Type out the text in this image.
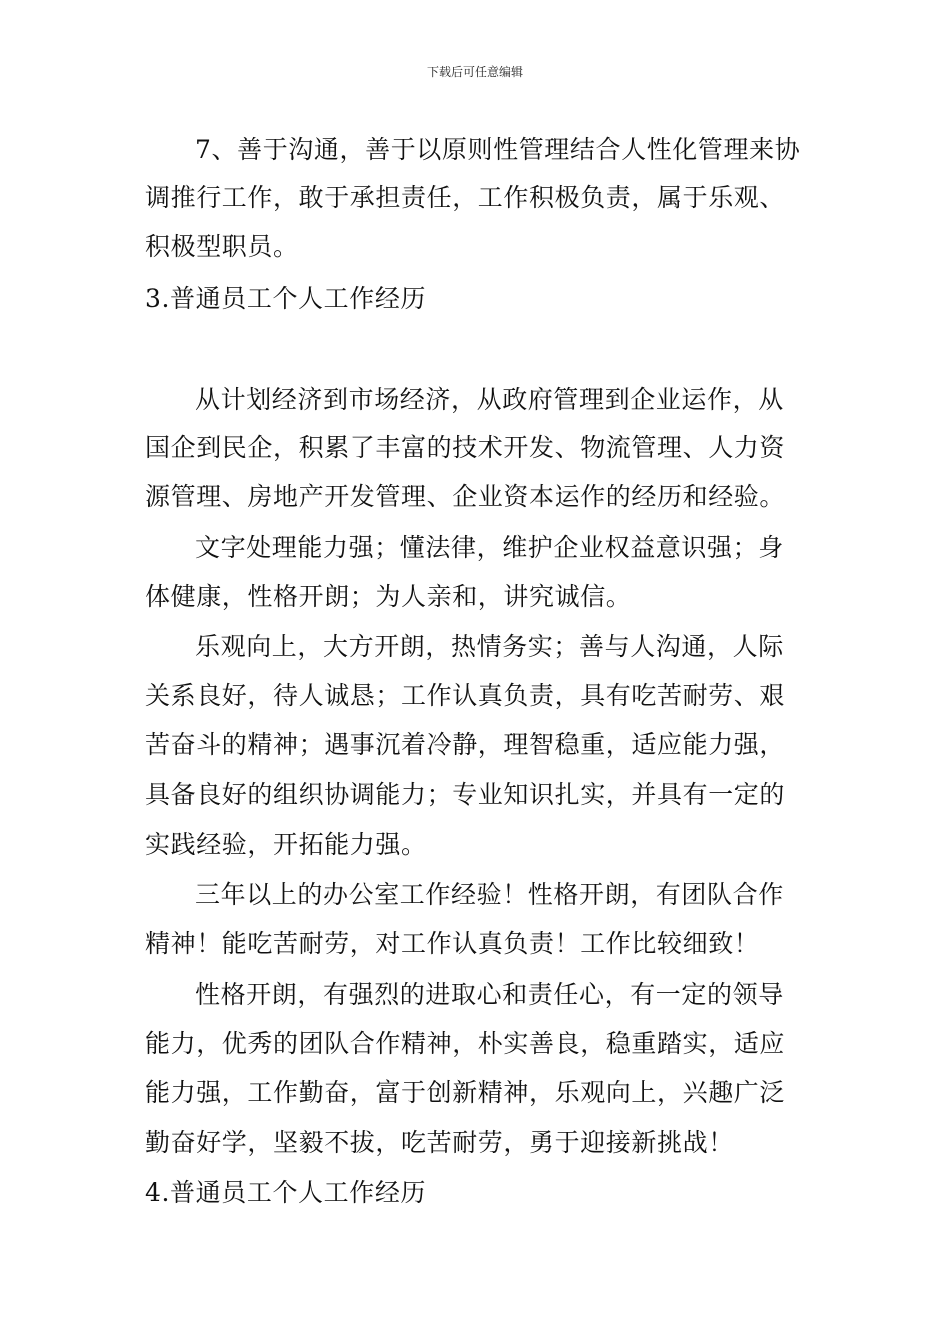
下载后可任意编辑
7、善于沟通，善于以原则性管理结合人性化管理来协
调推行工作，敢于承担责任，工作积极负责，属于乐观、
积极型职员。
3.普通员工个人工作经历
从计划经济到市场经济，从政府管理到企业运作，从
国企到民企，积累了丰富的技术开发、物流管理、人力资
源管理、房地产开发管理、企业资本运作的经历和经验。
文字处理能力强；懂法律，维护企业权益意识强；身
体健康，性格开朗；为人亲和，讲究诚信。
乐观向上，大方开朗，热情务实；善与人沟通，人际
关系良好，待人诚恳；工作认真负责，具有吃苦耐劳、艰
苦奋斗的精神；遇事沉着冷静，理智稳重，适应能力强，
具备良好的组织协调能力；专业知识扎实，并具有一定的
实践经验，开拓能力强。
三年以上的办公室工作经验！性格开朗，有团队合作
精神！能吃苦耐劳，对工作认真负责！工作比较细致！
性格开朗，有强烈的进取心和责任心，有一定的领导
能力，优秀的团队合作精神，朴实善良，稳重踏实，适应
能力强，工作勤奋，富于创新精神，乐观向上，兴趣广泛
勤奋好学，坚毅不拔，吃苦耐劳，勇于迎接新挑战！
4.普通员工个人工作经历
